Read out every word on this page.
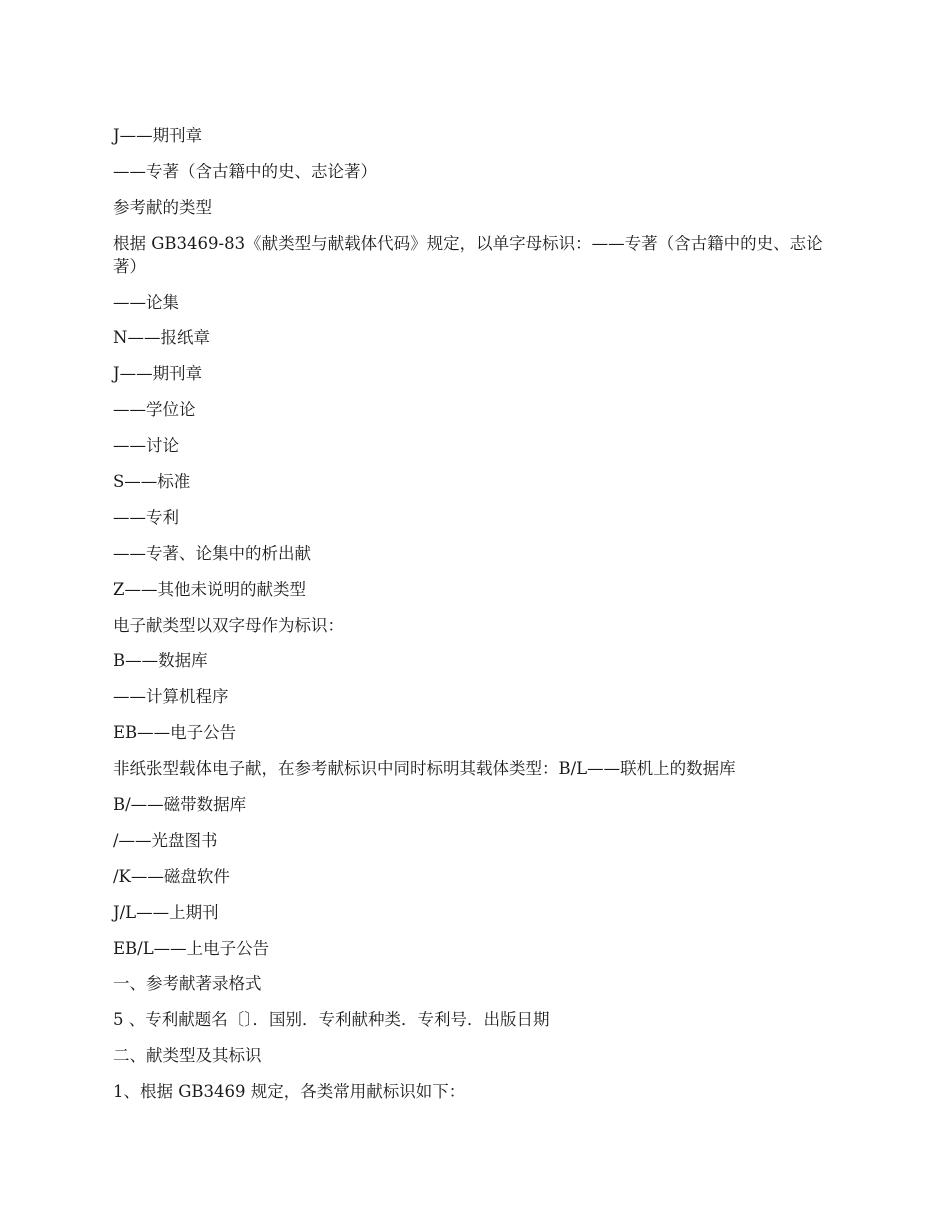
J——期刊章

——专著（含古籍中的史、志论著）

参考献的类型

根据 GB3469-83《献类型与献载体代码》规定，以单字母标识：——专著（含古籍中的史、志论著）

——论集

N——报纸章

J——期刊章

——学位论

——讨论

S——标准

——专利

——专著、论集中的析出献

Z——其他未说明的献类型

电子献类型以双字母作为标识：

B——数据库

——计算机程序

EB——电子公告

非纸张型载体电子献，在参考献标识中同时标明其载体类型：B/L——联机上的数据库

B/——磁带数据库

/——光盘图书

/K——磁盘软件

J/L——上期刊

EB/L——上电子公告

一、参考献著录格式

5 、专利献题名〔〕．国别．专利献种类．专利号．出版日期

二、献类型及其标识

1、根据 GB3469 规定，各类常用献标识如下：
